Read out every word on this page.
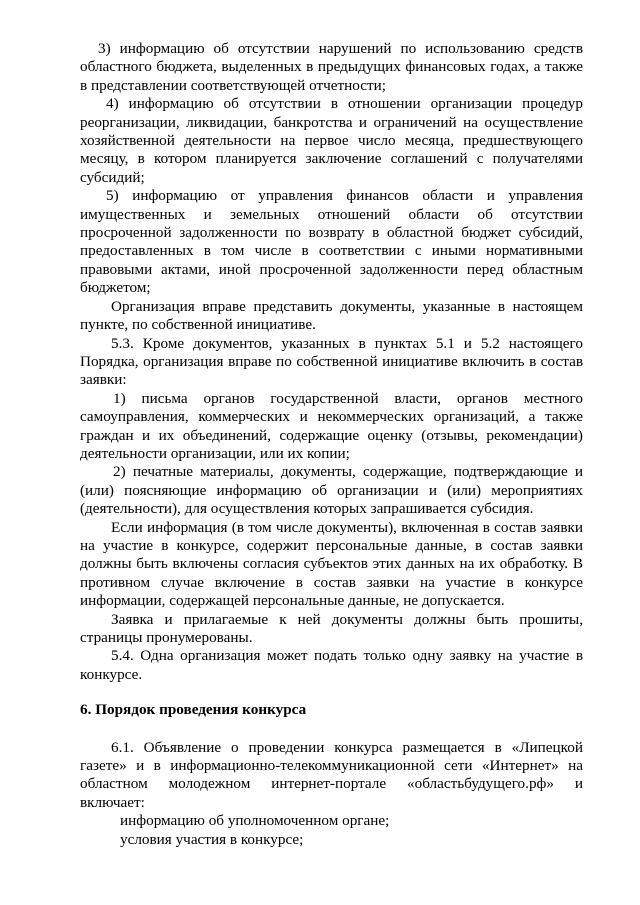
3) информацию об отсутствии нарушений по использованию средств областного бюджета, выделенных в предыдущих финансовых годах, а также в представлении соответствующей отчетности;

4) информацию об отсутствии в отношении организации процедур реорганизации, ликвидации, банкротства и ограничений на осуществление хозяйственной деятельности на первое число месяца, предшествующего месяцу, в котором планируется заключение соглашений с получателями субсидий;

5) информацию от управления финансов области и управления имущественных и земельных отношений области об отсутствии просроченной задолженности по возврату в областной бюджет субсидий, предоставленных в том числе в соответствии с иными нормативными правовыми актами, иной просроченной задолженности перед областным бюджетом;

Организация вправе представить документы, указанные в настоящем пункте, по собственной инициативе.

5.3. Кроме документов, указанных в пунктах 5.1 и 5.2 настоящего Порядка, организация вправе по собственной инициативе включить в состав заявки:

1) письма органов государственной власти, органов местного самоуправления, коммерческих и некоммерческих организаций, а также граждан и их объединений, содержащие оценку (отзывы, рекомендации) деятельности организации, или их копии;

2) печатные материалы, документы, содержащие, подтверждающие и (или) поясняющие информацию об организации и (или) мероприятиях (деятельности), для осуществления которых запрашивается субсидия.

Если информация (в том числе документы), включенная в состав заявки на участие в конкурсе, содержит персональные данные, в состав заявки должны быть включены согласия субъектов этих данных на их обработку. В противном случае включение в состав заявки на участие в конкурсе информации, содержащей персональные данные, не допускается.

Заявка и прилагаемые к ней документы должны быть прошиты, страницы пронумерованы.

5.4. Одна организация может подать только одну заявку на участие в конкурсе.

6. Порядок проведения конкурса

6.1. Объявление о проведении конкурса размещается в «Липецкой газете» и в информационно-телекоммуникационной сети «Интернет» на областном молодежном интернет-портале «областьбудущего.рф» и включает:

информацию об уполномоченном органе;

условия участия в конкурсе;
